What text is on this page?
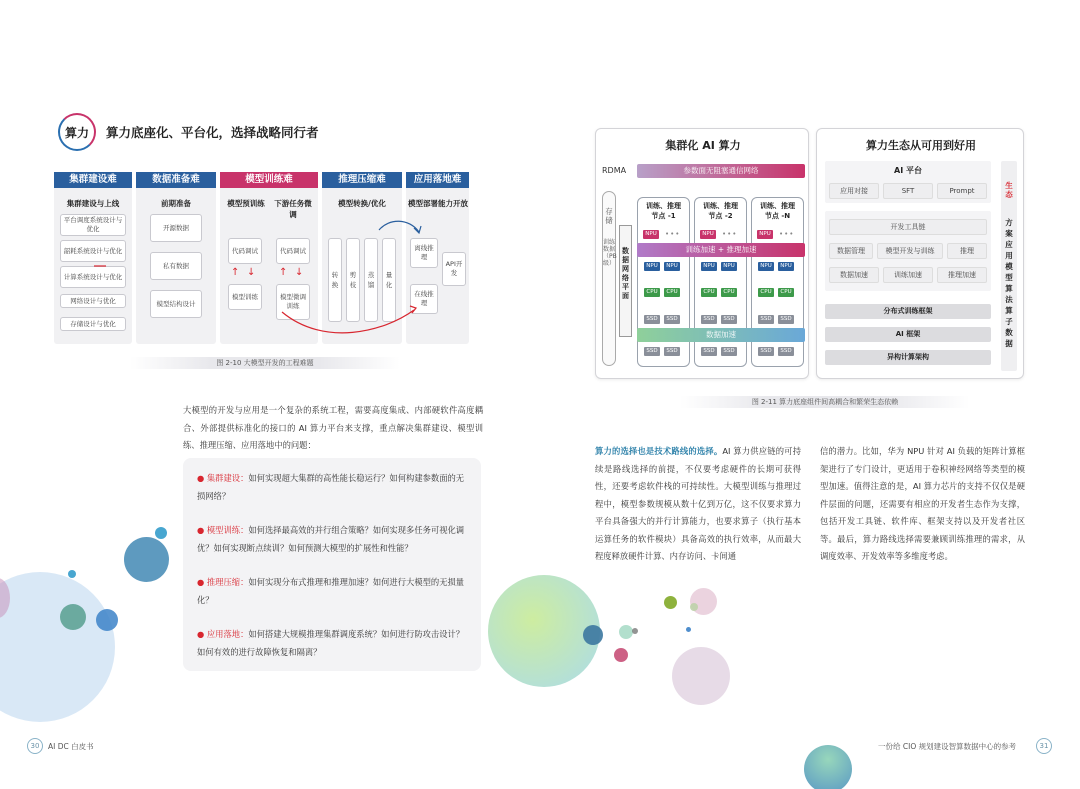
算力 算力底座化、平台化，选择战略同行者
集群建设难
集群建设与上线
平台调度系统设计与优化
韶耗系统设计与优化
计算系统设计与优化
网络设计与优化
存储设计与优化
数据准备难
前期准备
开源数据
私有数据
模型结构设计
模型训练难
模型预训练	下游任务微调
代码调试
↑ ↓
模型训练
代码调试
↑ ↓
模型微调训练
推理压缩难
模型转换/优化
转换
剪枝
蒸馏
量化
应用落地难
模型部署 能力开放
离线推理
在线推理
API开发
图 2-10 大模型开发的工程难题
大模型的开发与应用是一个复杂的系统工程，需要高度集成、内部硬软件高度耦合、外部提供标准化的接口的 AI 算力平台来支撑，重点解决集群建设、模型训练、推理压缩、应用落地中的问题：
● 集群建设：如何实现超大集群的高性能长稳运行？如何构建参数面的无损网络？
● 模型训练：如何选择最高效的并行组合策略？如何实现多任务可视化调优？如何实现断点续训？如何预测大模型的扩展性和性能？
● 推理压缩：如何实现分布式推理和推理加速？如何进行大模型的无损量化？
● 应用落地：如何搭建大规模推理集群调度系统？如何进行防攻击设计？如何有效的进行故障恢复和隔离？
集群化 AI 算力
RDMA	参数面无阻塞通信网络
存储
训练数据（PB级）
数据网络平面
训练、推理节点 -1
训练、推理节点 -2
训练、推理节点 -N
NPU	•••	NPU	•••	NPU	•••
训练加速 + 推理加速
NPU	NPU	NPU	NPU	NPU	NPU
CPU	CPU	CPU	CPU	CPU	CPU
SSD	SSD	SSD	SSD	SSD	SSD
数据加速
SSD	SSD	SSD	SSD	SSD	SSD
算力生态从可用到好用
AI 平台
应用对接	SFT	Prompt
开发工具链
数据管理	模型开发与训练	推理
数据加速	训练加速	推理加速
分布式训练框架
AI 框架
异构计算架构
生态
方案应用模型算法算子数据
图 2-11 算力底座组件间高耦合和繁荣生态依赖
算力的选择也是技术路线的选择。AI 算力供应链的可持续是路线选择的前提，不仅要考虑硬件的长期可获得性，还要考虑软件栈的可持续性。大模型训练与推理过程中，模型参数规模从数十亿到万亿，这不仅要求算力平台具备强大的并行计算能力，也要求算子（执行基本运算任务的软件模块）具备高效的执行效率，从而最大程度释放硬件计算、内存访问、卡间通
信的潜力。比如，华为 NPU 针对 AI 负载的矩阵计算框架进行了专门设计，更适用于卷积神经网络等类型的模型加速。值得注意的是，AI 算力芯片的支持不仅仅是硬件层面的问题，还需要有相应的开发者生态作为支撑，包括开发工具链、软件库、框架支持以及开发者社区等。最后，算力路线选择需要兼顾训练推理的需求，从调度效率、开发效率等多维度考虑。
30	AI DC 白皮书	一份给 CIO 规划建设智算数据中心的参考	31
